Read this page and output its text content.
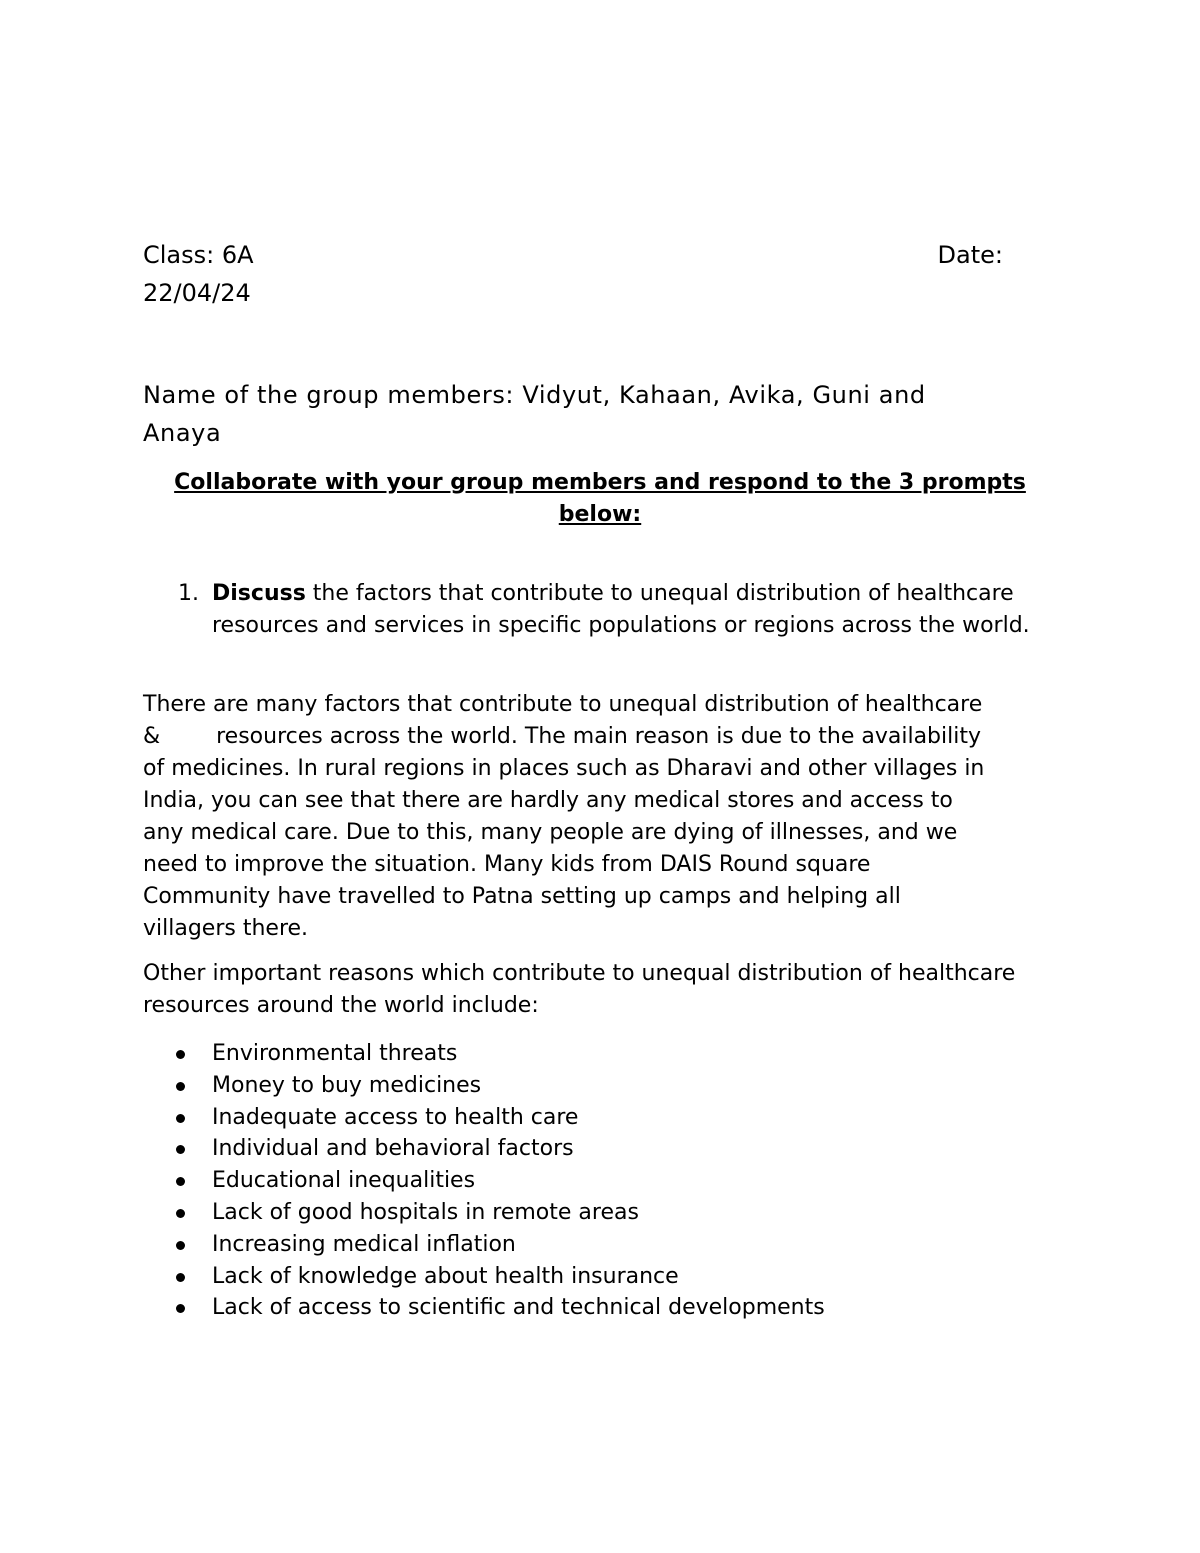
Class: 6A	Date:
22/04/24
Name of the group members: Vidyut, Kahaan, Avika, Guni and
Anaya
Collaborate with your group members and respond to the 3 prompts
below:
1. Discuss the factors that contribute to unequal distribution of healthcare resources and services in specific populations or regions across the world.
There are many factors that contribute to unequal distribution of healthcare
&        resources across the world. The main reason is due to the availability
of medicines. In rural regions in places such as Dharavi and other villages in
India, you can see that there are hardly any medical stores and access to
any medical care. Due to this, many people are dying of illnesses, and we
need to improve the situation. Many kids from DAIS Round square
Community have travelled to Patna setting up camps and helping all
villagers there.
Other important reasons which contribute to unequal distribution of healthcare resources around the world include:
Environmental threats
Money to buy medicines
Inadequate access to health care
Individual and behavioral factors
Educational inequalities
Lack of good hospitals in remote areas
Increasing medical inflation
Lack of knowledge about health insurance
Lack of access to scientific and technical developments
